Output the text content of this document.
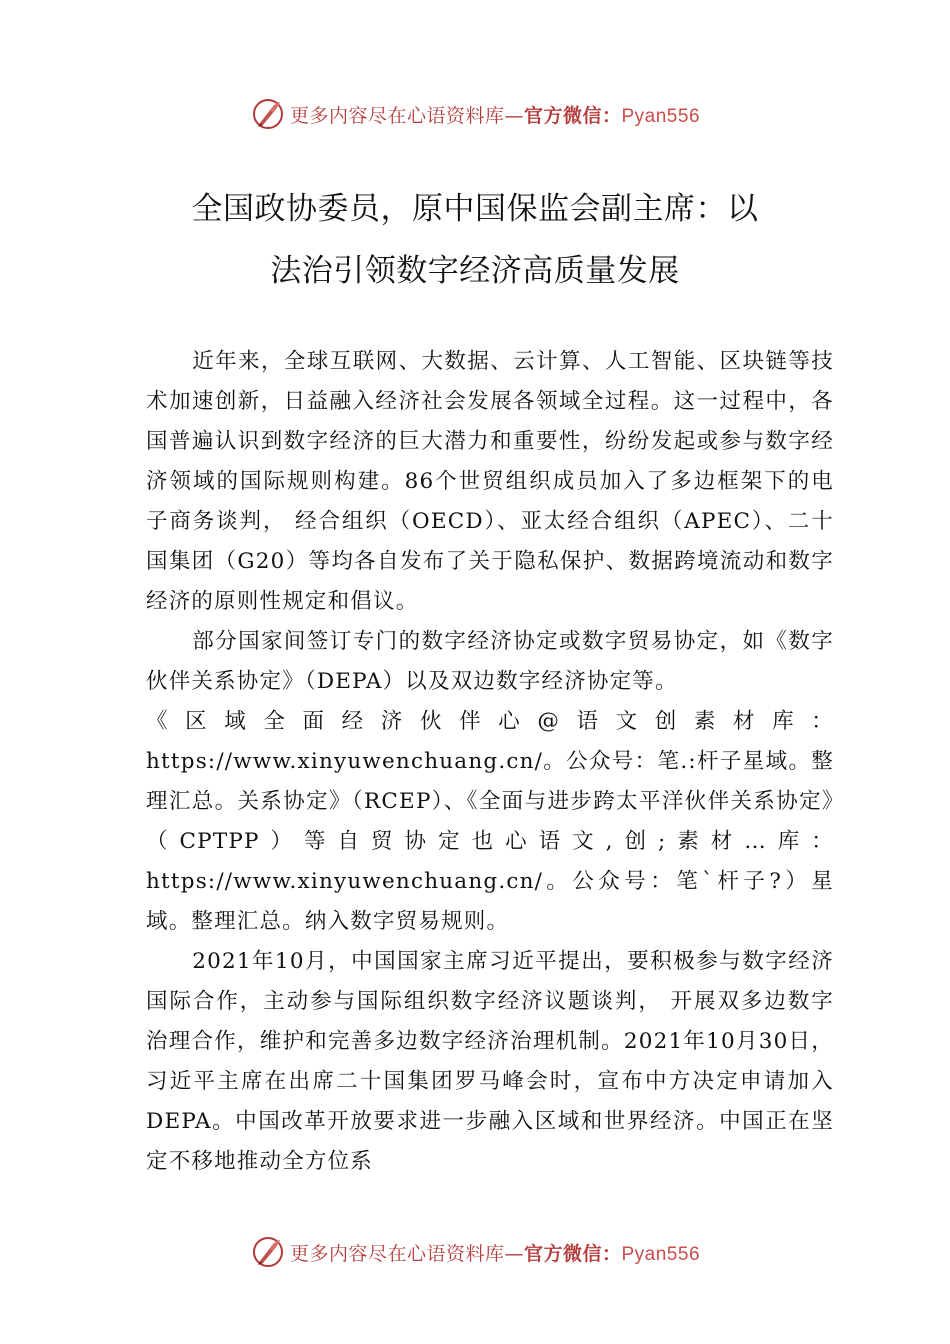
更多内容尽在心语资料库—官方微信：Pyan556
全国政协委员，原中国保监会副主席：以
法治引领数字经济高质量发展

近年来，全球互联网、大数据、云计算、人工智能、区块链等技术加速创新，日益融入经济社会发展各领域全过程。这一过程中，各国普遍认识到数字经济的巨大潜力和重要性，纷纷发起或参与数字经济领域的国际规则构建。86个世贸组织成员加入了多边框架下的电子商务谈判， 经合组织（OECD）、亚太经合组织（APEC）、二十国集团（G20）等均各自发布了关于隐私保护、数据跨境流动和数字经济的原则性规定和倡议。

部分国家间签订专门的数字经济协定或数字贸易协定，如《数字伙伴关系协定》（DEPA）以及双边数字经济协定等。

《区域全面经济伙伴心@语文创素材库：https://www.xinyuwenchuang.cn/。公众号：笔.:杆子星域。整理汇总。关系协定》（RCEP）、《全面与进步跨太平洋伙伴关系协定》（CPTPP）等自贸协定也心语文,创;素材…库：https://www.xinyuwenchuang.cn/。公众号：笔`杆子?）星域。整理汇总。纳入数字贸易规则。

2021年10月，中国国家主席习近平提出，要积极参与数字经济国际合作，主动参与国际组织数字经济议题谈判， 开展双多边数字治理合作，维护和完善多边数字经济治理机制。2021年10月30日，习近平主席在出席二十国集团罗马峰会时，宣布中方决定申请加入 DEPA。中国改革开放要求进一步融入区域和世界经济。中国正在坚定不移地推动全方位系

更多内容尽在心语资料库—官方微信：Pyan556
